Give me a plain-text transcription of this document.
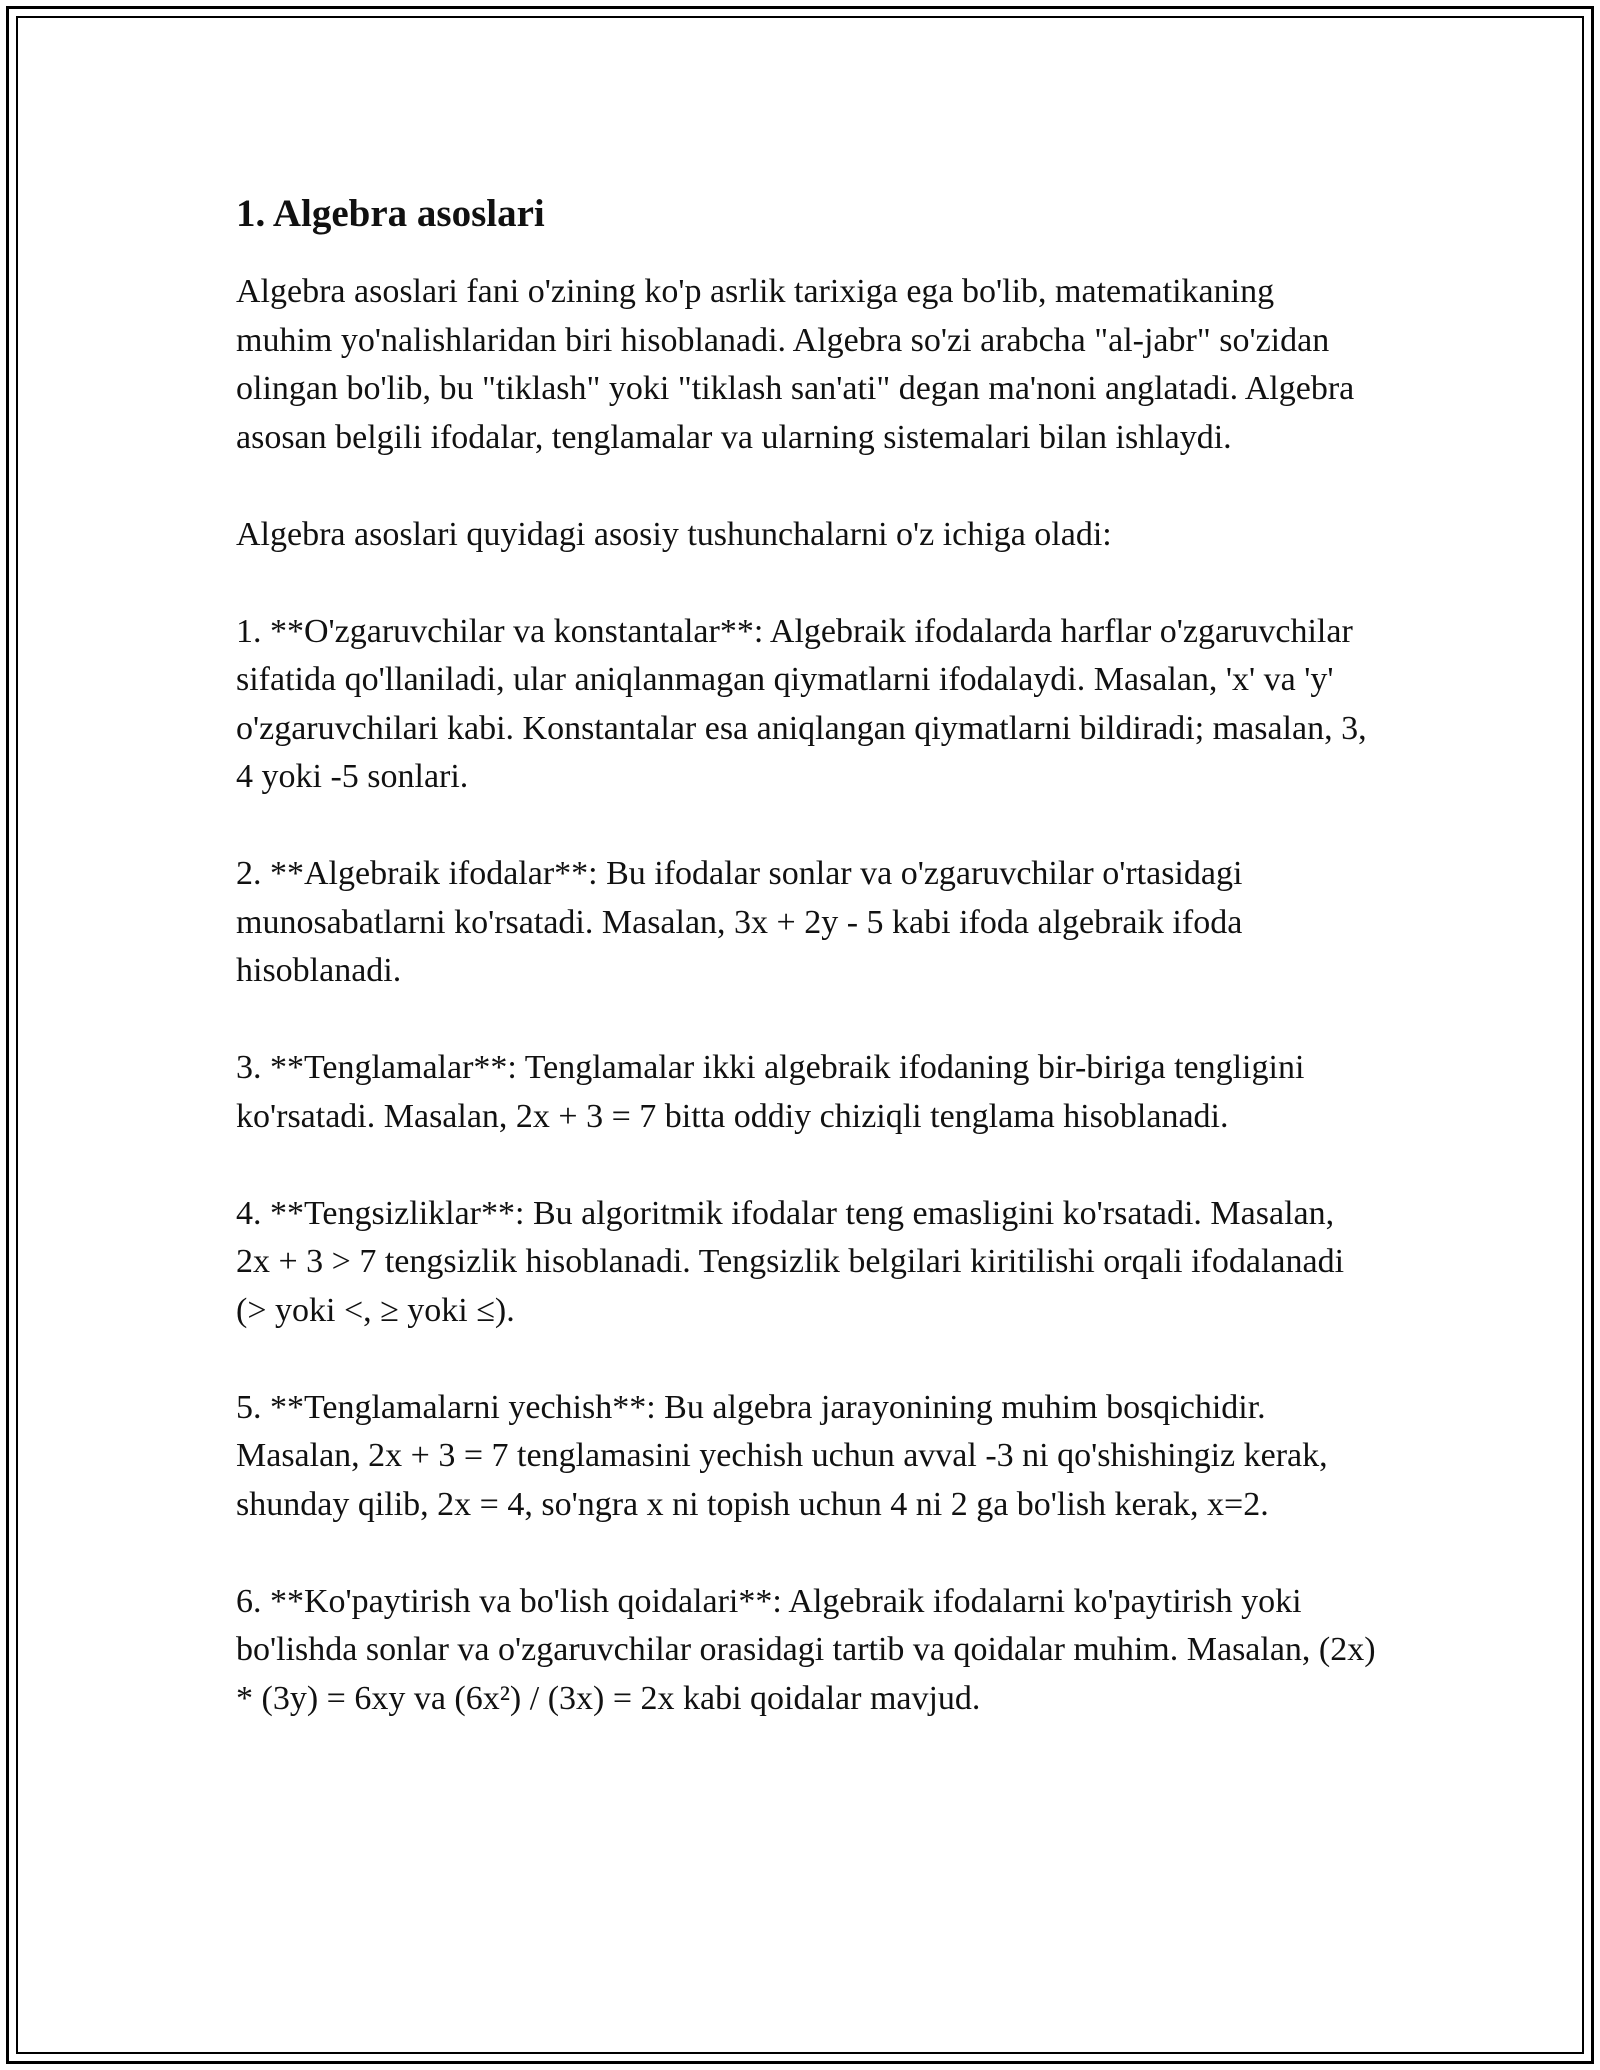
1. Algebra asoslari

Algebra asoslari fani o'zining ko'p asrlik tarixiga ega bo'lib, matematikaning muhim yo'nalishlaridan biri hisoblanadi. Algebra so'zi arabcha "al-jabr" so'zidan olingan bo'lib, bu "tiklash" yoki "tiklash san'ati" degan ma'noni anglatadi. Algebra asosan belgili ifodalar, tenglamalar va ularning sistemalari bilan ishlaydi.

Algebra asoslari quyidagi asosiy tushunchalarni o'z ichiga oladi:

1. **O'zgaruvchilar va konstantalar**: Algebraik ifodalarda harflar o'zgaruvchilar sifatida qo'llaniladi, ular aniqlanmagan qiymatlarni ifodalaydi. Masalan, 'x' va 'y' o'zgaruvchilari kabi. Konstantalar esa aniqlangan qiymatlarni bildiradi; masalan, 3, 4 yoki -5 sonlari.

2. **Algebraik ifodalar**: Bu ifodalar sonlar va o'zgaruvchilar o'rtasidagi munosabatlarni ko'rsatadi. Masalan, 3x + 2y - 5 kabi ifoda algebraik ifoda hisoblanadi.

3. **Tenglamalar**: Tenglamalar ikki algebraik ifodaning bir-biriga tengligini ko'rsatadi. Masalan, 2x + 3 = 7 bitta oddiy chiziqli tenglama hisoblanadi.

4. **Tengsizliklar**: Bu algoritmik ifodalar teng emasligini ko'rsatadi. Masalan, 2x + 3 > 7 tengsizlik hisoblanadi. Tengsizlik belgilari kiritilishi orqali ifodalanadi (> yoki <, ≥ yoki ≤).

5. **Tenglamalarni yechish**: Bu algebra jarayonining muhim bosqichidir. Masalan, 2x + 3 = 7 tenglamasini yechish uchun avval -3 ni qo'shishingiz kerak, shunday qilib, 2x = 4, so'ngra x ni topish uchun 4 ni 2 ga bo'lish kerak, x=2.

6. **Ko'paytirish va bo'lish qoidalari**: Algebraik ifodalarni ko'paytirish yoki bo'lishda sonlar va o'zgaruvchilar orasidagi tartib va qoidalar muhim. Masalan, (2x) * (3y) = 6xy va (6x²) / (3x) = 2x kabi qoidalar mavjud.
